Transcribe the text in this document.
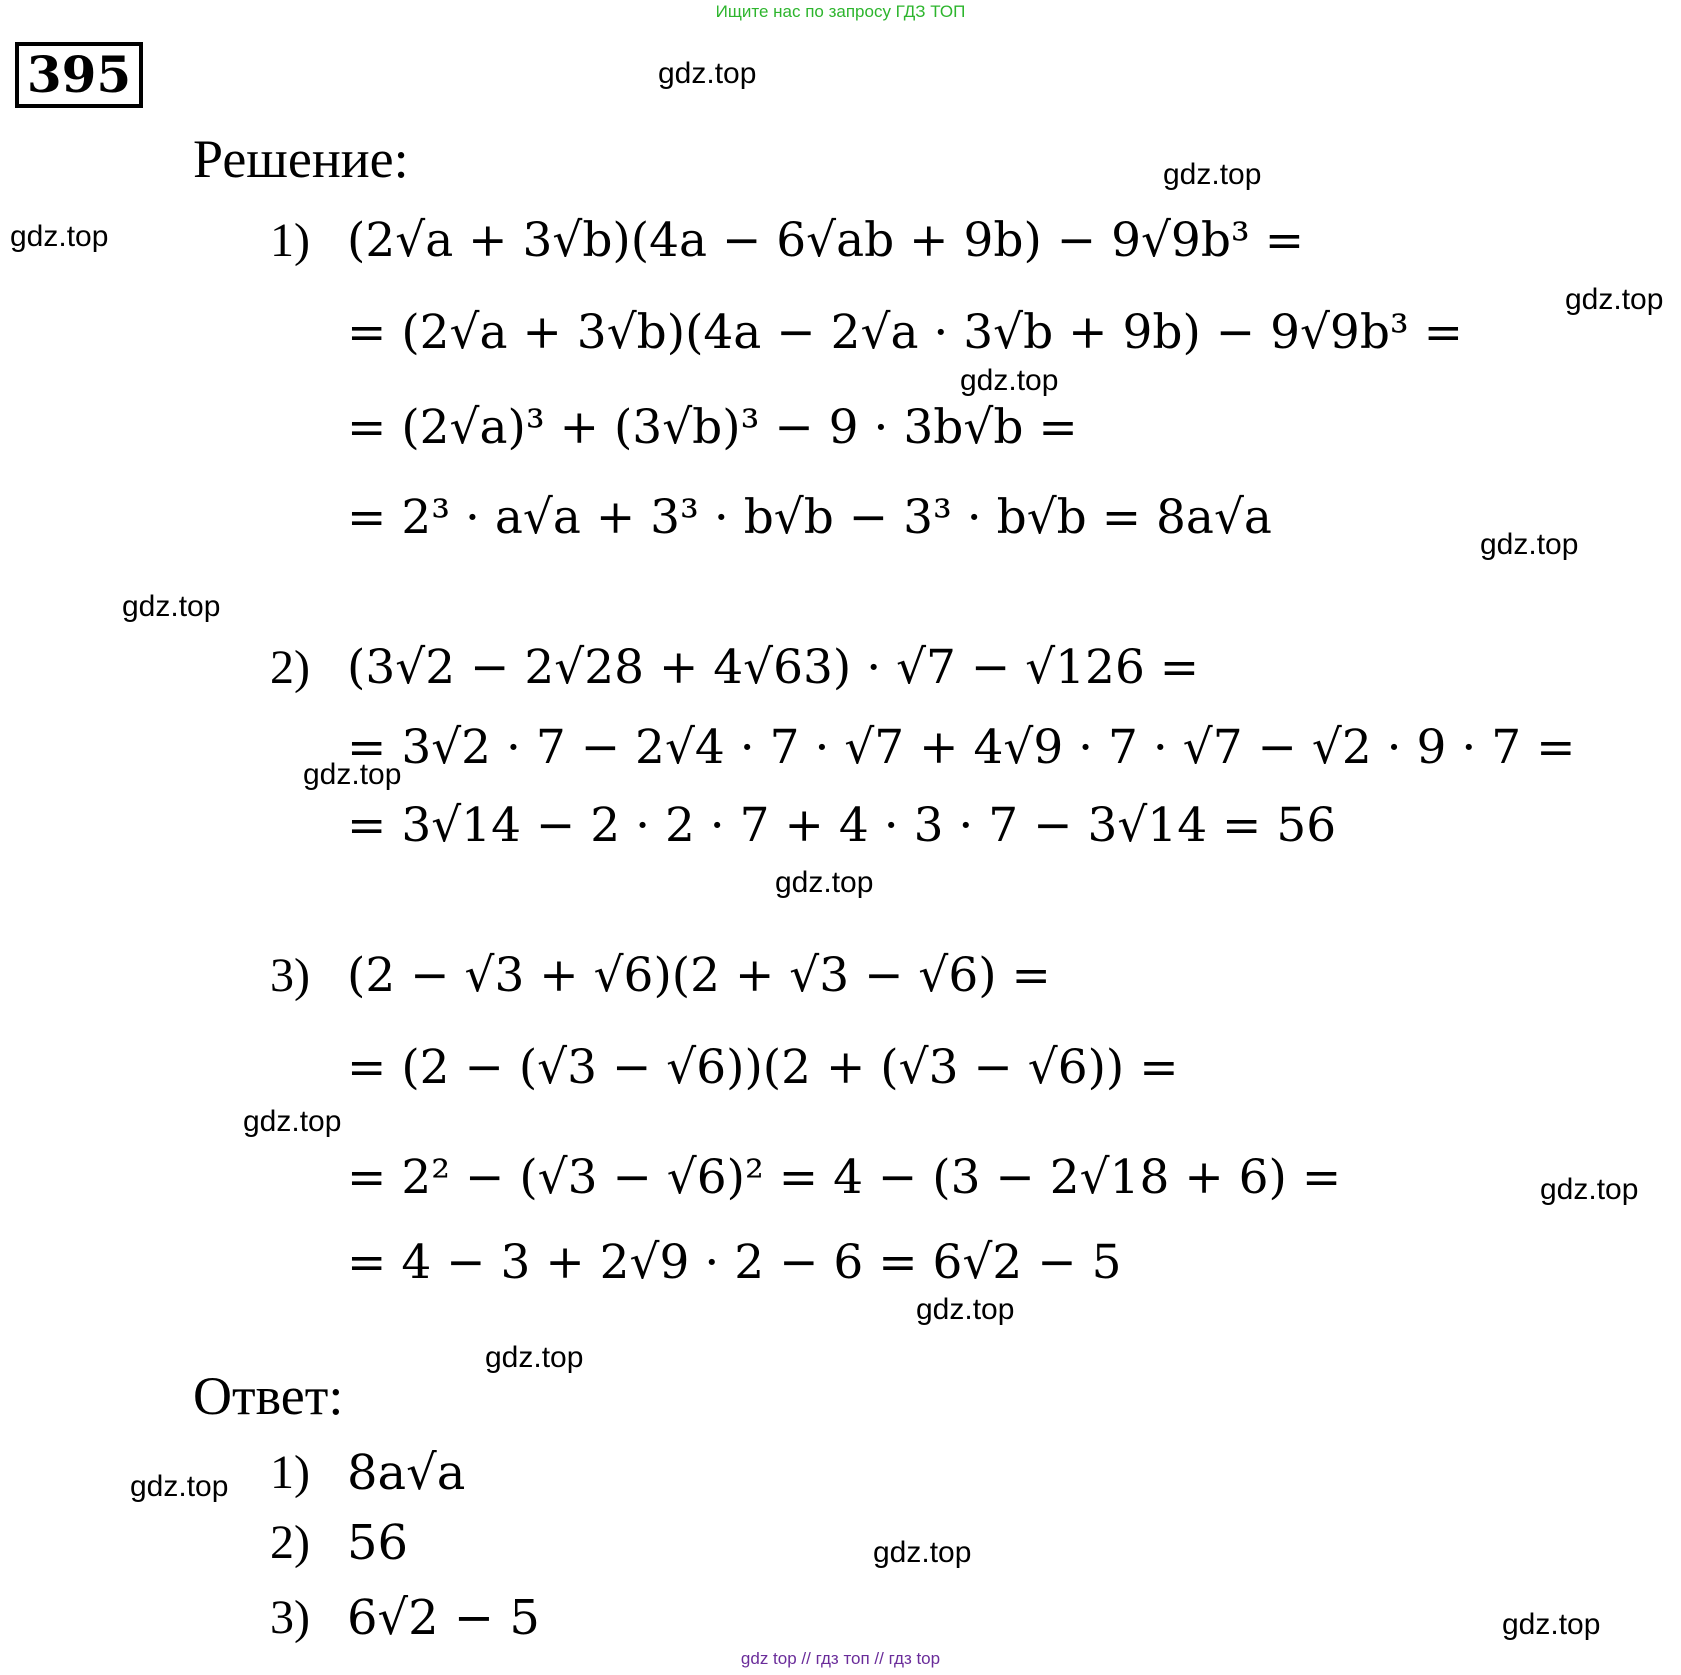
Ищите нас по запросу ГДЗ ТОП
395
Решение:
1) (2√a + 3√b)(4a − 6√ab + 9b) − 9√9b³ =
= (2√a + 3√b)(4a − 2√a · 3√b + 9b) − 9√9b³ =
= (2√a)³ + (3√b)³ − 9 · 3b√b =
= 2³ · a√a + 3³ · b√b − 3³ · b√b = 8a√a
2) (3√2 − 2√28 + 4√63) · √7 − √126 =
= 3√2 · 7 − 2√4 · 7 · √7 + 4√9 · 7 · √7 − √2 · 9 · 7 =
= 3√14 − 2 · 2 · 7 + 4 · 3 · 7 − 3√14 = 56
3) (2 − √3 + √6)(2 + √3 − √6) =
= (2 − (√3 − √6))(2 + (√3 − √6)) =
= 2² − (√3 − √6)² = 4 − (3 − 2√18 + 6) =
= 4 − 3 + 2√9 · 2 − 6 = 6√2 − 5
Ответ:
1) 8a√a
2) 56
3) 6√2 − 5
gdz.top
gdz.top
gdz.top
gdz.top
gdz.top
gdz.top
gdz.top
gdz.top
gdz.top
gdz.top
gdz.top
gdz.top
gdz.top
gdz.top
gdz.top
gdz.top
gdz top // гдз топ // гдз top
